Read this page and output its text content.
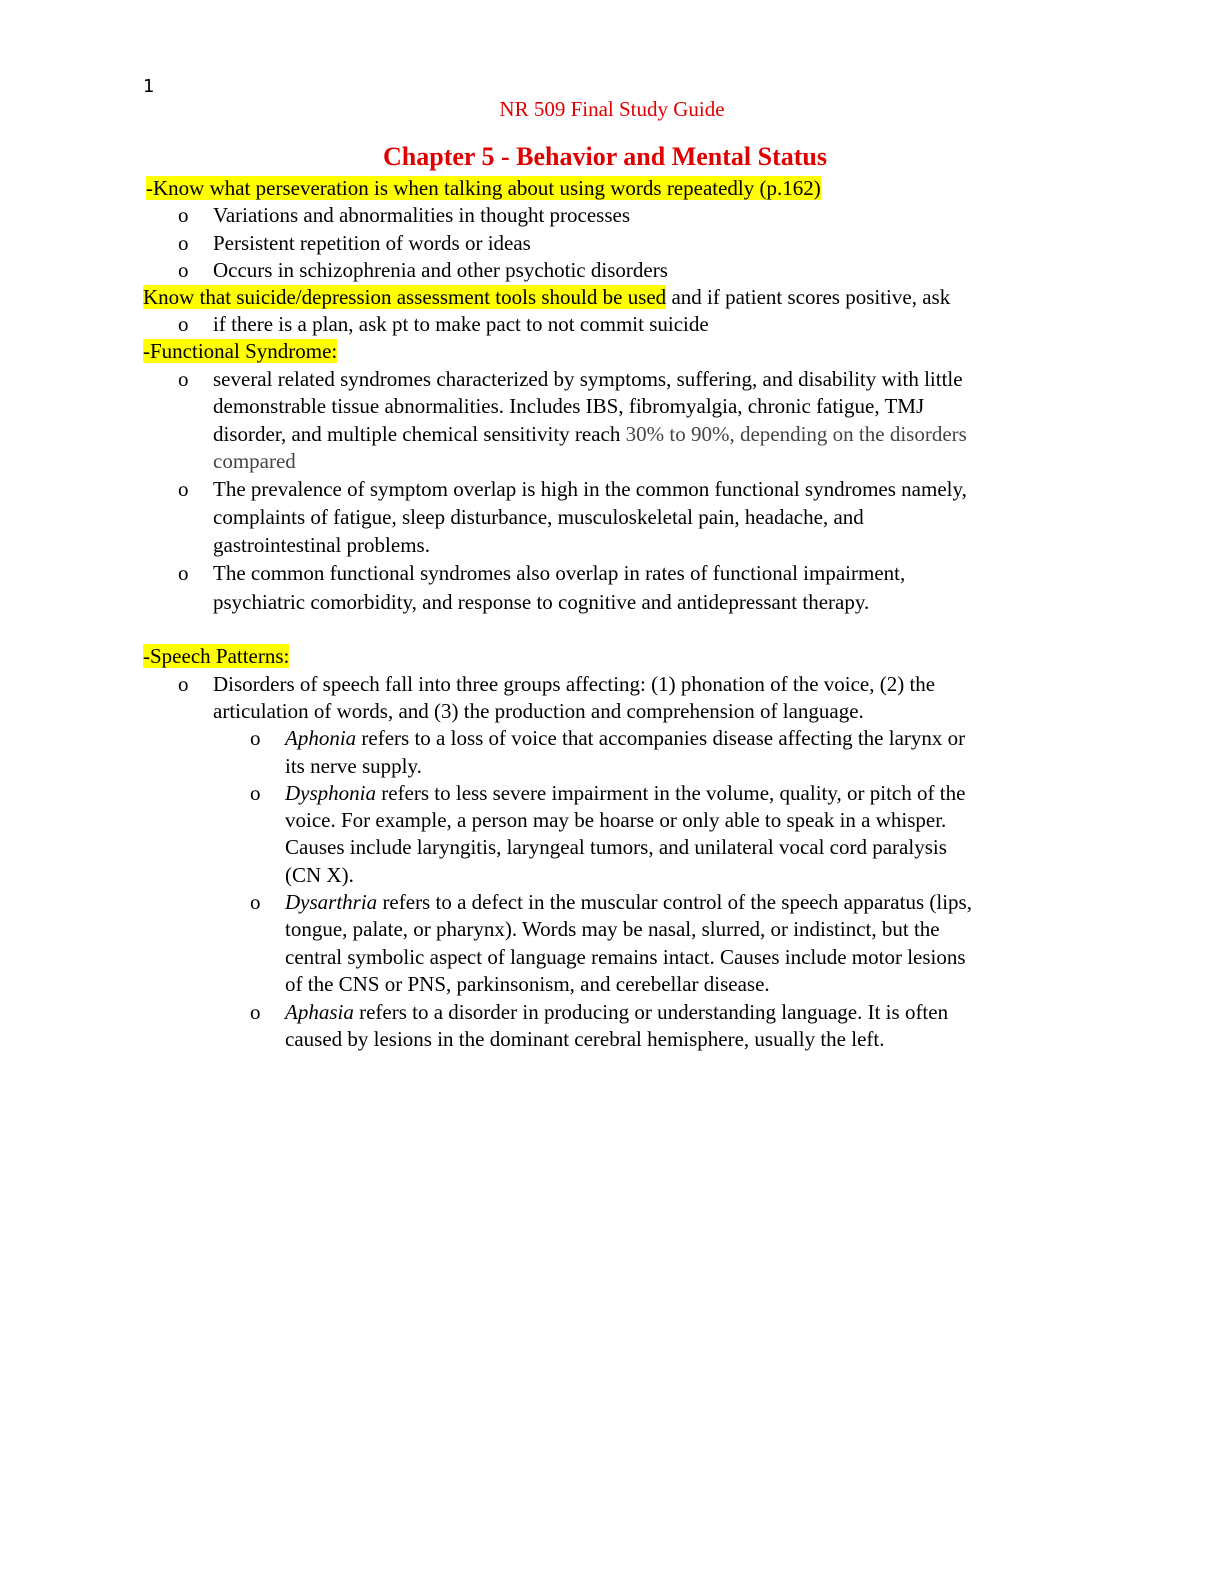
1
NR 509 Final Study Guide
Chapter 5 - Behavior and Mental Status
-Know what perseveration is when talking about using words repeatedly (p.162)
o Variations and abnormalities in thought processes
o Persistent repetition of words or ideas
o Occurs in schizophrenia and other psychotic disorders
Know that suicide/depression assessment tools should be used and if patient scores positive, ask
o if there is a plan, ask pt to make pact to not commit suicide
-Functional Syndrome:
o several related syndromes characterized by symptoms, suffering, and disability with little
demonstrable tissue abnormalities. Includes IBS, fibromyalgia, chronic fatigue, TMJ
disorder, and multiple chemical sensitivity reach 30% to 90%, depending on the disorders
compared
o The prevalence of symptom overlap is high in the common functional syndromes namely,
complaints of fatigue, sleep disturbance, musculoskeletal pain, headache, and
gastrointestinal problems.
o The common functional syndromes also overlap in rates of functional impairment,
psychiatric comorbidity, and response to cognitive and antidepressant therapy.
-Speech Patterns:
o Disorders of speech fall into three groups affecting: (1) phonation of the voice, (2) the
articulation of words, and (3) the production and comprehension of language.
o Aphonia refers to a loss of voice that accompanies disease affecting the larynx or
its nerve supply.
o Dysphonia refers to less severe impairment in the volume, quality, or pitch of the
voice. For example, a person may be hoarse or only able to speak in a whisper.
Causes include laryngitis, laryngeal tumors, and unilateral vocal cord paralysis
(CN X).
o Dysarthria refers to a defect in the muscular control of the speech apparatus (lips,
tongue, palate, or pharynx). Words may be nasal, slurred, or indistinct, but the
central symbolic aspect of language remains intact. Causes include motor lesions
of the CNS or PNS, parkinsonism, and cerebellar disease.
o Aphasia refers to a disorder in producing or understanding language. It is often
caused by lesions in the dominant cerebral hemisphere, usually the left.
